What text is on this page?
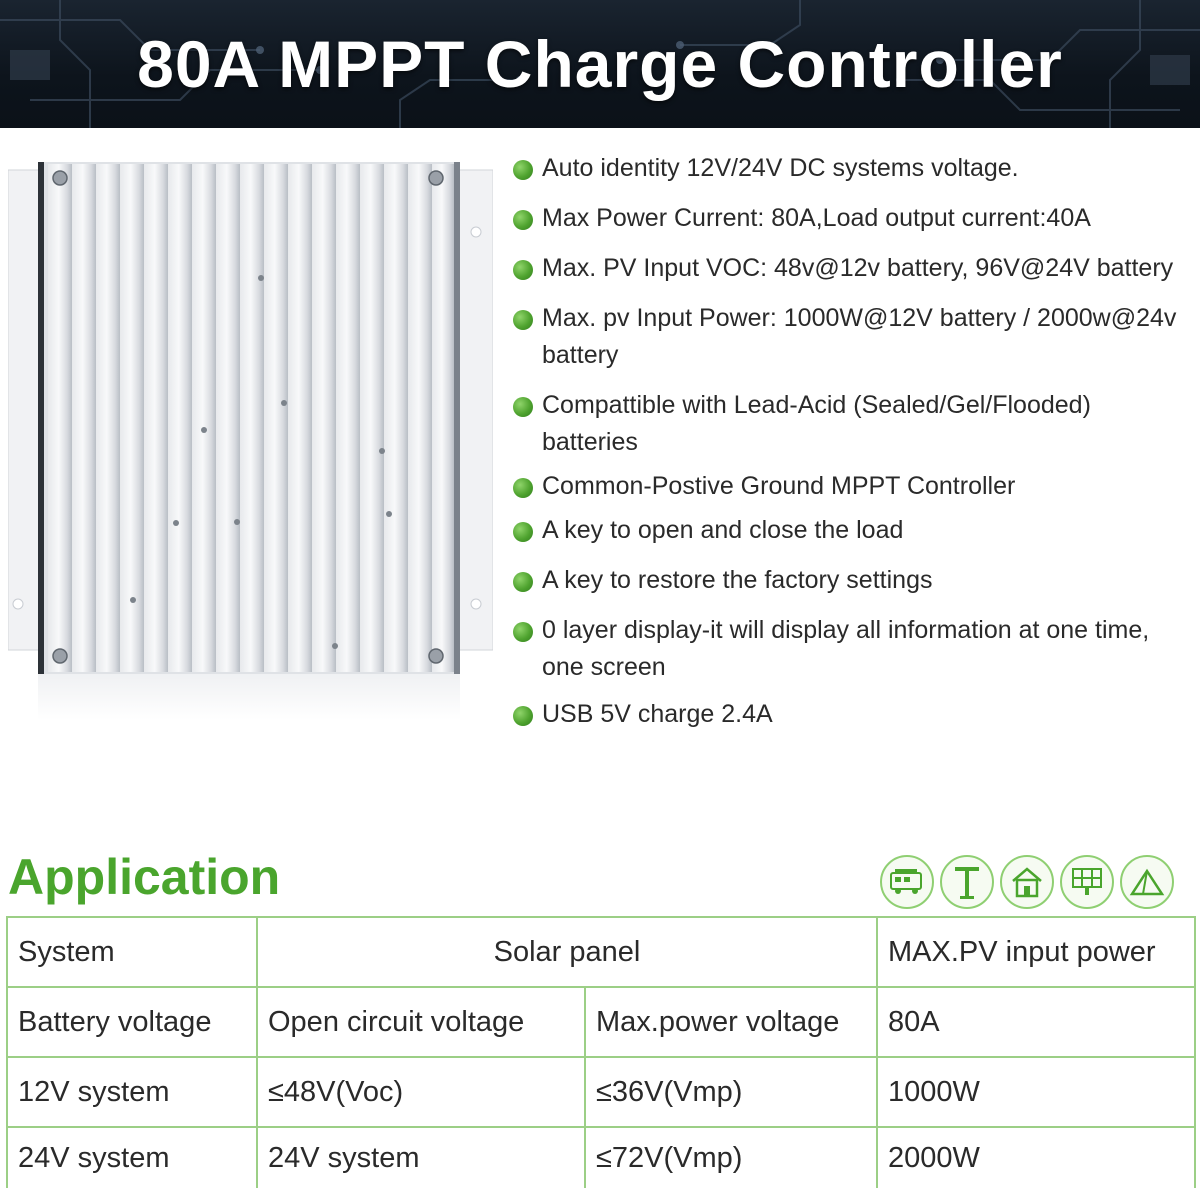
80A MPPT Charge Controller
Auto identity 12V/24V DC systems voltage.
Max Power Current: 80A,Load output current:40A
Max. PV Input VOC: 48v@12v battery, 96V@24V battery
Max. pv Input Power: 1000W@12V battery / 2000w@24v battery
Compattible with Lead-Acid (Sealed/Gel/Flooded) batteries
Common-Postive Ground MPPT Controller
A key to open and close the load
A key to restore the factory settings
0 layer display-it will display all information at one time, one screen
USB 5V charge 2.4A
Application
System	Solar panel		MAX.PV input power
Battery voltage	Open circuit voltage	Max.power voltage	80A
12V system	≤48V(Voc)	≤36V(Vmp)	1000W
24V system	24V system	≤72V(Vmp)	2000W
